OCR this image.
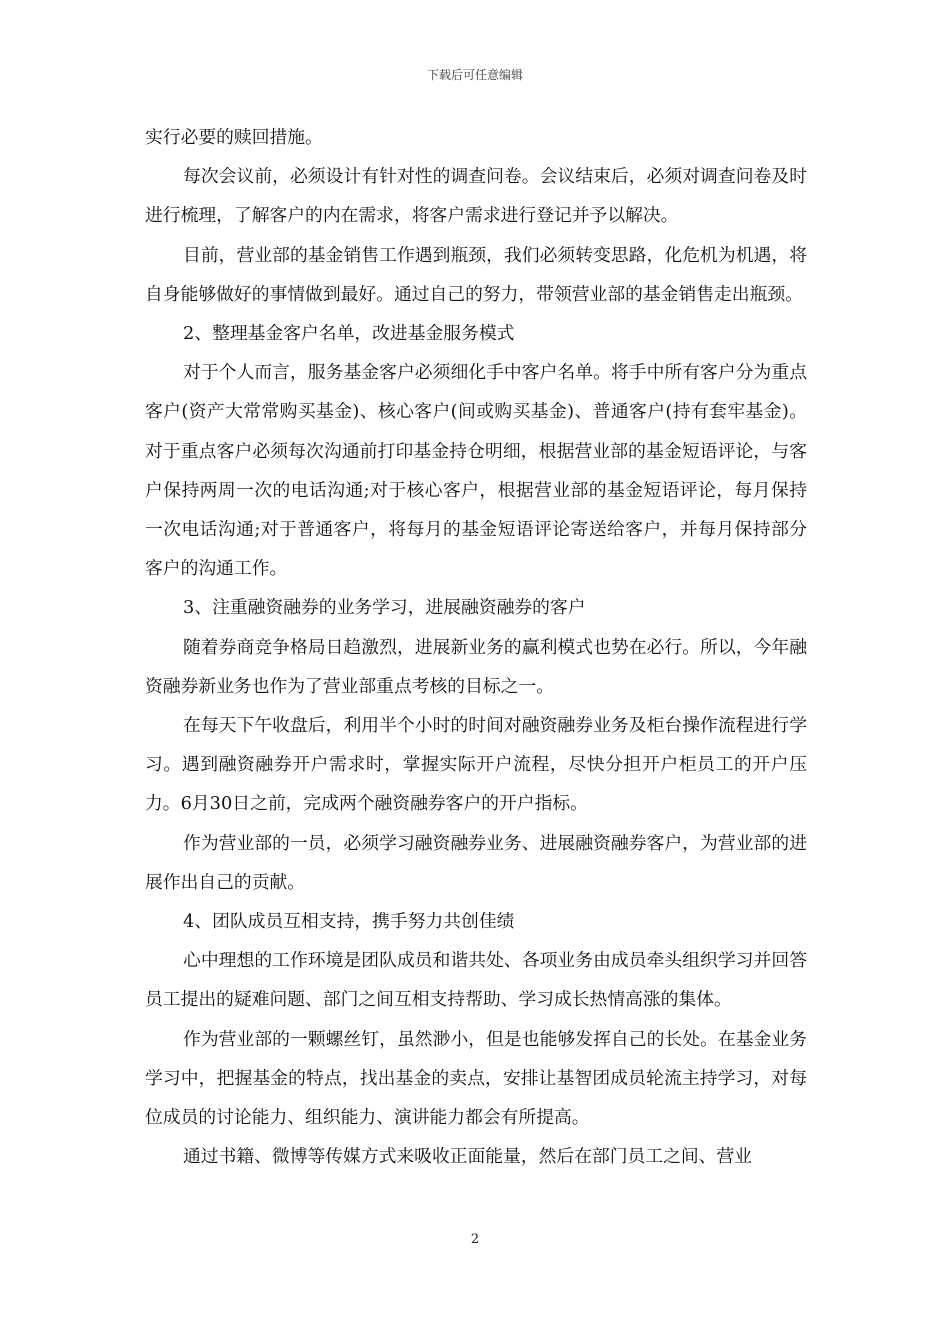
下载后可任意编辑

实行必要的赎回措施。

每次会议前，必须设计有针对性的调查问卷。会议结束后，必须对调查问卷及时进行梳理，了解客户的内在需求，将客户需求进行登记并予以解决。

目前，营业部的基金销售工作遇到瓶颈，我们必须转变思路，化危机为机遇，将自身能够做好的事情做到最好。通过自己的努力，带领营业部的基金销售走出瓶颈。

2、整理基金客户名单，改进基金服务模式

对于个人而言，服务基金客户必须细化手中客户名单。将手中所有客户分为重点客户(资产大常常购买基金)、核心客户(间或购买基金)、普通客户(持有套牢基金)。对于重点客户必须每次沟通前打印基金持仓明细，根据营业部的基金短语评论，与客户保持两周一次的电话沟通;对于核心客户，根据营业部的基金短语评论，每月保持一次电话沟通;对于普通客户，将每月的基金短语评论寄送给客户，并每月保持部分客户的沟通工作。

3、注重融资融券的业务学习，进展融资融券的客户

随着券商竞争格局日趋激烈，进展新业务的赢利模式也势在必行。所以，今年融资融券新业务也作为了营业部重点考核的目标之一。

在每天下午收盘后，利用半个小时的时间对融资融券业务及柜台操作流程进行学习。遇到融资融券开户需求时，掌握实际开户流程，尽快分担开户柜员工的开户压力。6月30日之前，完成两个融资融券客户的开户指标。

作为营业部的一员，必须学习融资融券业务、进展融资融券客户，为营业部的进展作出自己的贡献。

4、团队成员互相支持，携手努力共创佳绩

心中理想的工作环境是团队成员和谐共处、各项业务由成员牵头组织学习并回答员工提出的疑难问题、部门之间互相支持帮助、学习成长热情高涨的集体。

作为营业部的一颗螺丝钉，虽然渺小，但是也能够发挥自己的长处。在基金业务学习中，把握基金的特点，找出基金的卖点，安排让基智团成员轮流主持学习，对每位成员的讨论能力、组织能力、演讲能力都会有所提高。

通过书籍、微博等传媒方式来吸收正面能量，然后在部门员工之间、营业

2
